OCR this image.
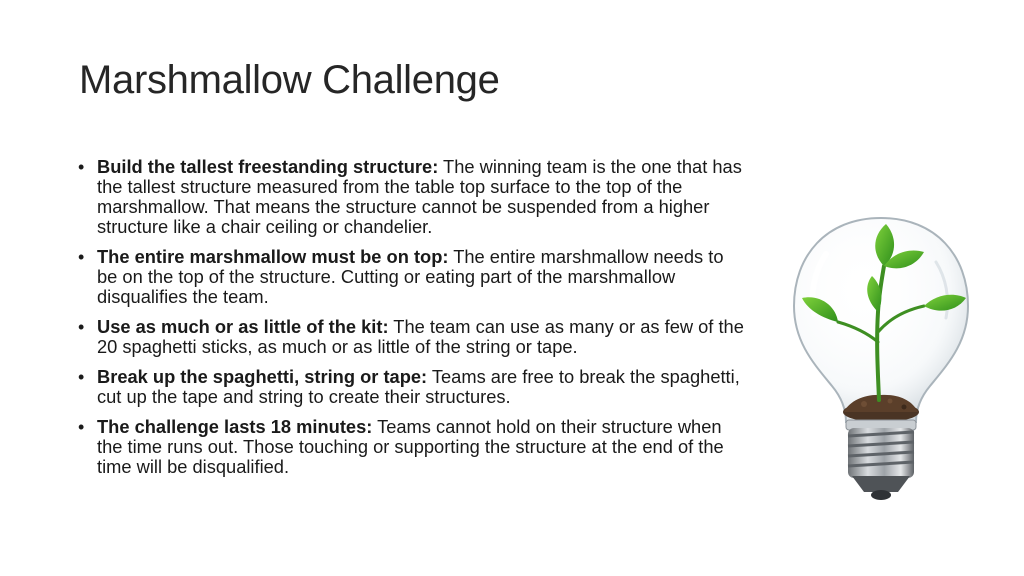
Marshmallow Challenge
• Build the tallest freestanding structure: The winning team is the one that has the tallest structure measured from the table top surface to the top of the marshmallow. That means the structure cannot be suspended from a higher structure like a chair ceiling or chandelier.
• The entire marshmallow must be on top: The entire marshmallow needs to be on the top of the structure. Cutting or eating part of the marshmallow disqualifies the team.
• Use as much or as little of the kit: The team can use as many or as few of the 20 spaghetti sticks, as much or as little of the string or tape.
• Break up the spaghetti, string or tape: Teams are free to break the spaghetti, cut up the tape and string to create their structures.
• The challenge lasts 18 minutes: Teams cannot hold on their structure when the time runs out. Those touching or supporting the structure at the end of the time will be disqualified.
